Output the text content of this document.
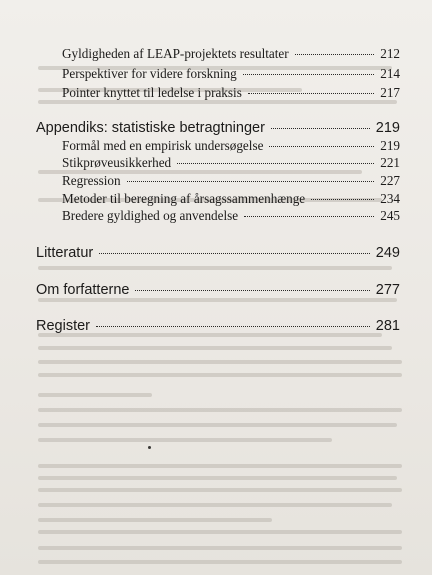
Gyldigheden af LEAP-projektets resultater	212
Perspektiver for videre forskning	214
Pointer knyttet til ledelse i praksis	217
Appendiks: statistiske betragtninger	219
Formål med en empirisk undersøgelse	219
Stikprøveusikkerhed	221
Regression	227
Metoder til beregning af årsagssammenhænge	234
Bredere gyldighed og anvendelse	245
Litteratur	249
Om forfatterne	277
Register	281
